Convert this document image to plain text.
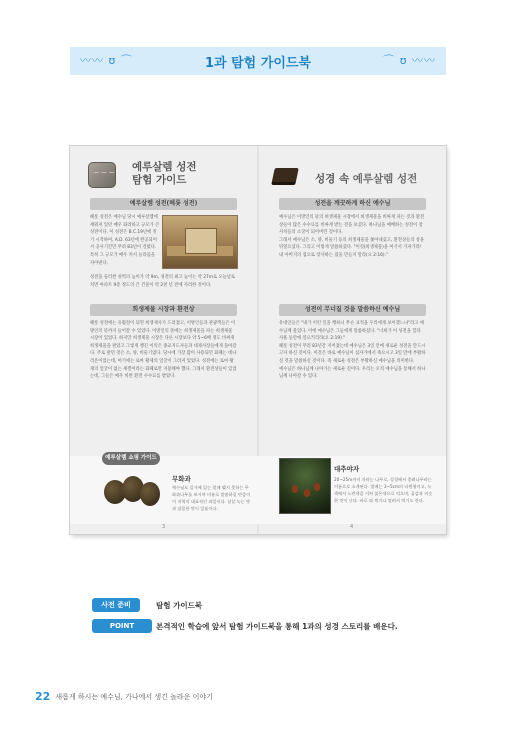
〰〰 ʊ ⌒	1과 탐험 가이드북	⌒ ʊ 〰〰
~~~ 예루살렘 성전
탐험 가이드
예루살렘 성전(헤롯 성전)

헤롯 성전은 예수님 당시 예루살렘에 세워져 있던 매우 화려하고 규모가 큰 성전이다. 이 성전은 B.C.19년에 짓기 시작하여, A.D. 63년에 완공되어서 공사기간만 무려 83년이 걸렸다. 특히 그 규모가 매우 커서 놀라움을 자아낸다.

성전을 둘러싼 성벽의 높이가 약 9m, 성전의 최고 높이는 약 27m로 오늘날로 치면 아파트 9층 정도의 큰 건물이 약 2천 년 전에 자리한 것이다.

희생제물 시장과 환전상

헤롯 성전에는 유월절이 되면 희생제사가 드려졌고, 이방인들과 관광객들은 이방인의 뜰까지 들어갈 수 있었다. 이방인의 뜰에는 희생제물을 파는 희생제물 시장이 있었다. 하지만 희생제물 시장은 다른 시장보다 약 5~6배 정도 비싸게 희생제물을 팔았고 그렇게 챙긴 이익은 종교지도자들과 대제사장들에게 돌아갔다. 주로 팔던 것은 소, 양, 비둘기였다. 당시에 가장 많이 사용되던 화폐는 데나리온이었는데, 여기에는 로마 황제의 얼굴이 그려져 있었다. 성전에는 로마 황제의 얼굴이 없는 세겔이라는 화폐로만 지불해야 했다. 그래서 환전상들이 있었는데, 그들은 매우 비싼 환전 수수료를 받았다.

성경 속 예루살렘 성전
성전을 깨끗하게 하신 예수님

예수님은 이방인의 뜰의 희생제물 시장에서 희생제물을 비싸게 파는 것과 환전상들이 많은 수수료를 비싸게 받는 것을 보셨다. 하나님을 예배하는 성전이 장사치들의 소굴이 되어버린 것이다.

그래서 예수님은 소, 양, 비둘기 등의 희생제물을 쫓아내셨고, 환전상들의 상을 뒤엎으셨다. 그리고 이렇게 말씀하셨다. "이것(희생제물)을 여기서 가져가라! 내 아버지의 집으로 장사하는 집을 만들지 말라(요 2:16)."

성전이 무너질 것을 말씀하신 예수님

유대인들은 "네가 이런 일을 행하니 무슨 표적을 우리에게 보이겠느냐"라고 예수님께 물었다. 이에 예수님은 그들에게 말씀하셨다. "너희가 이 성전을 헐라 사흘 동안에 일으키리라(요 2:19)."

헤롯 성전이 무려 83년간 지어졌는데 예수님은 3일 안에 새로운 성전을 만드시고자 하신 것이다. 이것은 바로 예수님이 십자가에서 죽으시고 3일 만에 부활하실 것을 말씀하신 것이다. 즉 새로운 성전은 부활하신 예수님을 의미한다.

예수님은 하나님께 나아가는 새로운 길이다. 우리는 오직 예수님을 통해서 하나님께 나아갈 수 있다.

예루살렘 쇼핑 가이드
무화과

예수님도 길가에 있는 열매 맺지 못하는 무화과나무를 보시며 비유로 말씀하실 만큼이 이 지역의 대표적인 과일이다. 살살 녹는 맛과 달콤한 맛이 일품이다.

대추야자

20~25m까지 자라는 나무로, 성경에서 종려나무라는 이름으로 소개된다. 열매는 3~5cm의 타원형이고, 녹색에서 노란색을 거쳐 붉은색으로 익으며, 곶감과 비슷한 맛이 난다. 바로 따 먹거나 말려서 먹기도 한다.

3	4
사전 준비	탐험 가이드북
POINT	본격적인 학습에 앞서 탐험 가이드북을 통해 1과의 성경 스토리를 배운다.
22 새롭게 하시는 예수님, 가나에서 생긴 놀라운 이야기
